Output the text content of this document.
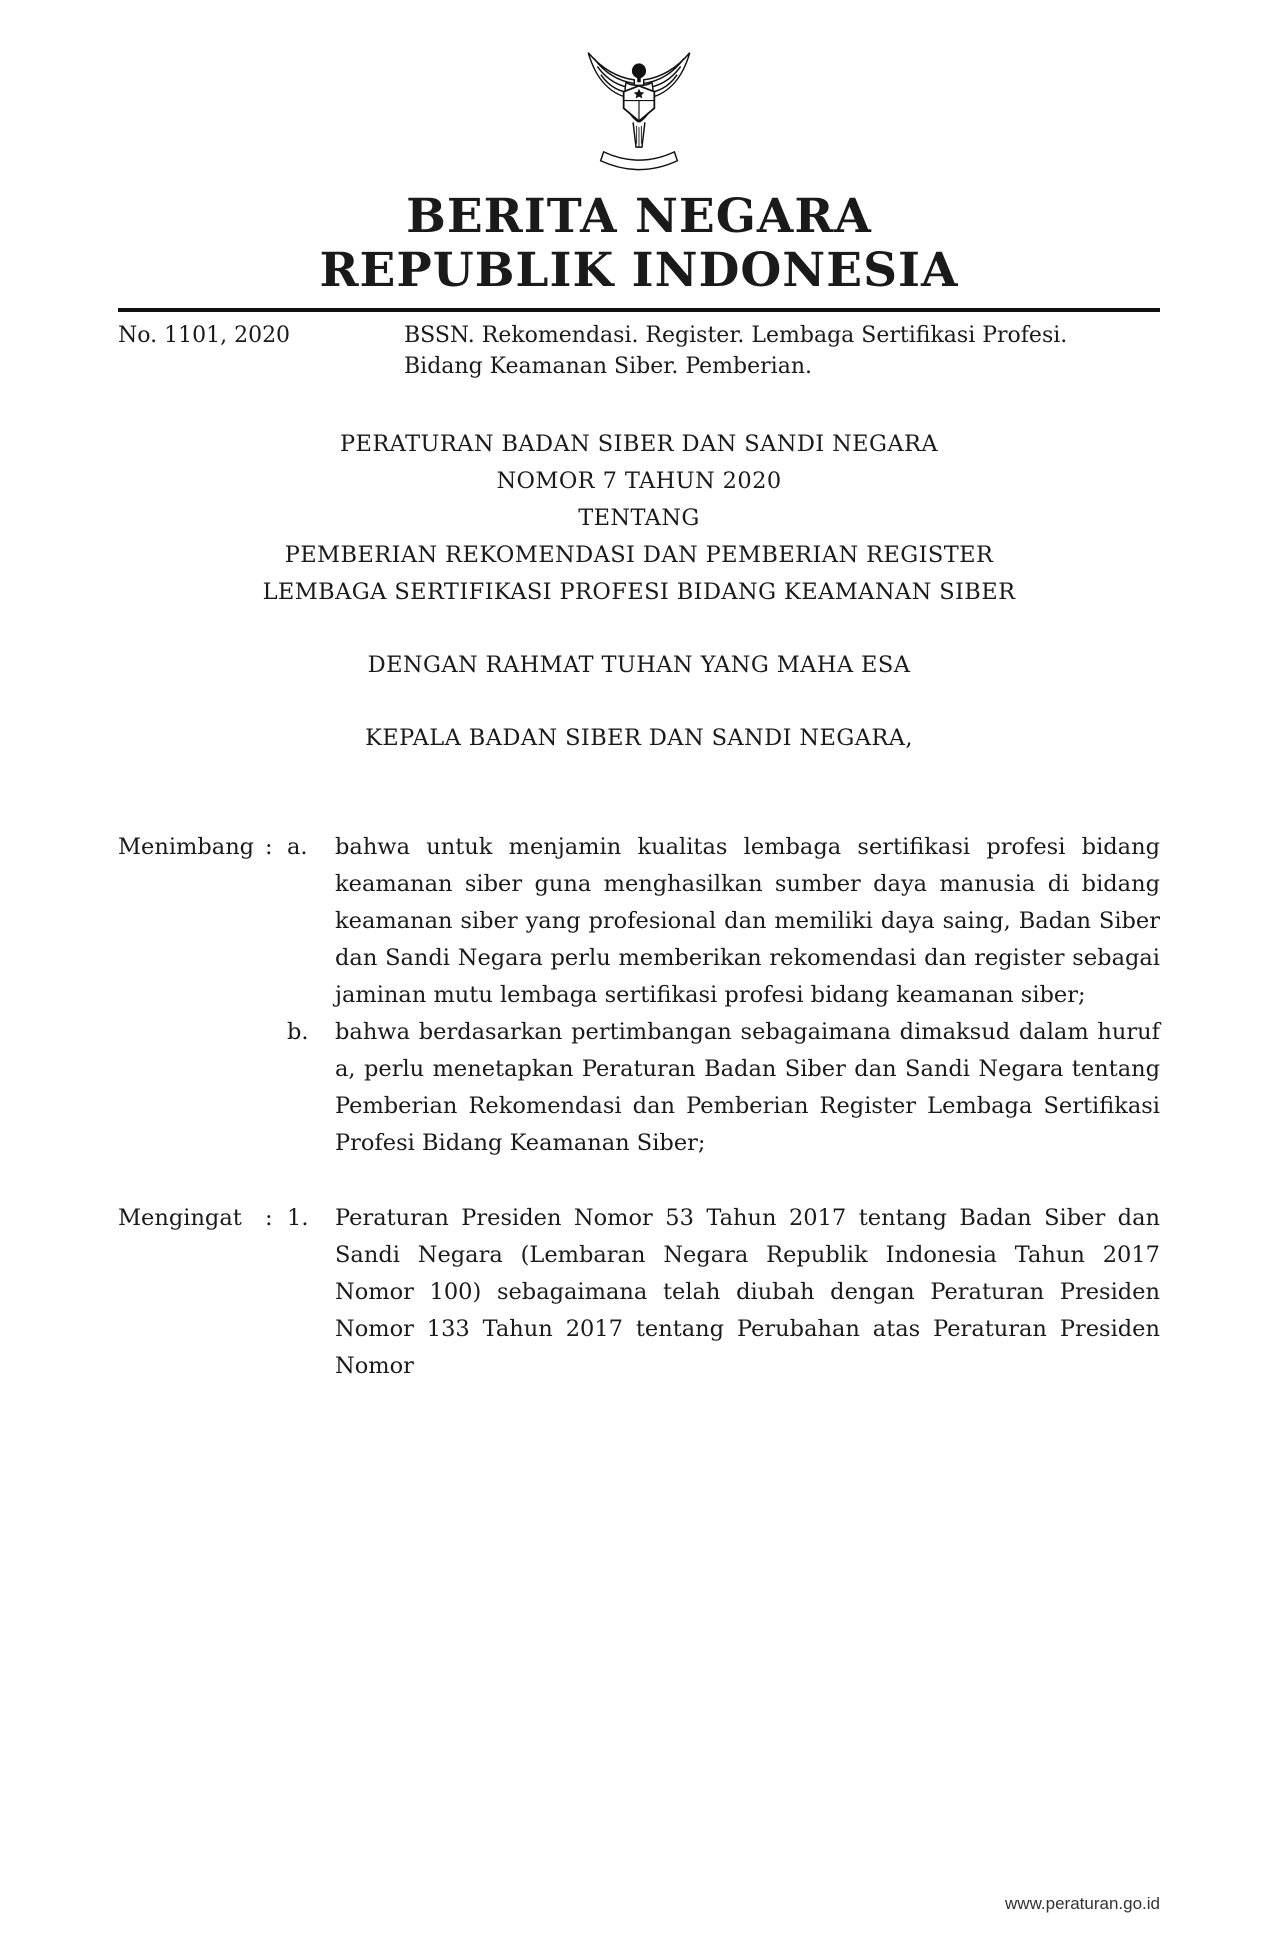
BERITA NEGARA
REPUBLIK INDONESIA
No. 1101, 2020	BSSN. Rekomendasi. Register. Lembaga Sertifikasi Profesi. Bidang Keamanan Siber. Pemberian.

PERATURAN BADAN SIBER DAN SANDI NEGARA

NOMOR 7 TAHUN 2020

TENTANG

PEMBERIAN REKOMENDASI DAN PEMBERIAN REGISTER

LEMBAGA SERTIFIKASI PROFESI BIDANG KEAMANAN SIBER

DENGAN RAHMAT TUHAN YANG MAHA ESA

KEPALA BADAN SIBER DAN SANDI NEGARA,

Menimbang : a.	bahwa untuk menjamin kualitas lembaga sertifikasi profesi bidang keamanan siber guna menghasilkan sumber daya manusia di bidang keamanan siber yang profesional dan memiliki daya saing, Badan Siber dan Sandi Negara perlu memberikan rekomendasi dan register sebagai jaminan mutu lembaga sertifikasi profesi bidang keamanan siber;
b.	bahwa berdasarkan pertimbangan sebagaimana dimaksud dalam huruf a, perlu menetapkan Peraturan Badan Siber dan Sandi Negara tentang Pemberian Rekomendasi dan Pemberian Register Lembaga Sertifikasi Profesi Bidang Keamanan Siber;
Mengingat	: 1.	Peraturan Presiden Nomor 53 Tahun 2017 tentang Badan Siber dan Sandi Negara (Lembaran Negara Republik Indonesia Tahun 2017 Nomor 100) sebagaimana telah diubah dengan Peraturan Presiden Nomor 133 Tahun 2017 tentang Perubahan atas Peraturan Presiden Nomor
www.peraturan.go.id
